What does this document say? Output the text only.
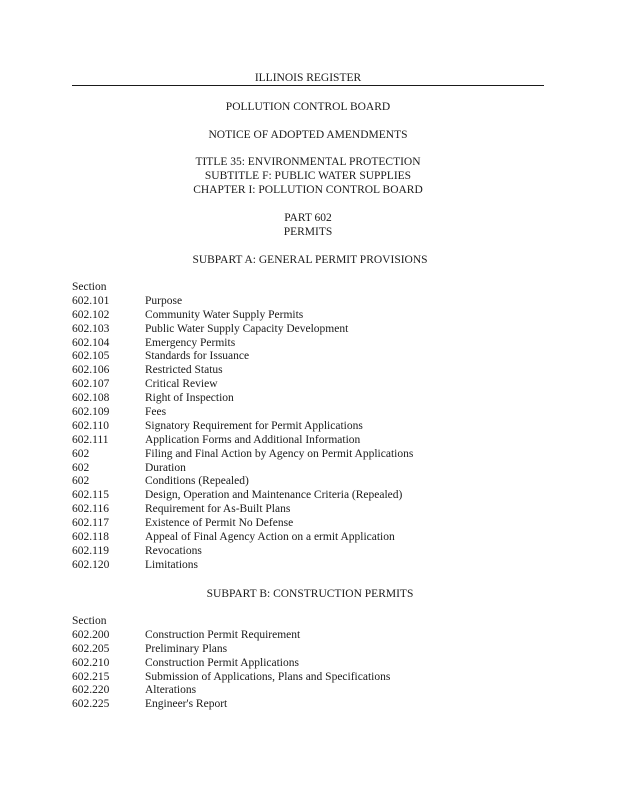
ILLINOIS REGISTER
POLLUTION CONTROL BOARD
NOTICE OF ADOPTED AMENDMENTS
TITLE 35: ENVIRONMENTAL PROTECTION
SUBTITLE F: PUBLIC WATER SUPPLIES
CHAPTER I: POLLUTION CONTROL BOARD
PART 602
PERMITS
SUBPART A: GENERAL PERMIT PROVISIONS
Section
602.101	Purpose
602.102	Community Water Supply Permits
602.103	Public Water Supply Capacity Development
602.104	Emergency Permits
602.105	Standards for Issuance
602.106	Restricted Status
602.107	Critical Review
602.108	Right of Inspection
602.109	Fees
602.110	Signatory Requirement for Permit Applications
602.111	Application Forms and Additional Information
602	Filing and Final Action by Agency on Permit Applications
602	Duration
602	Conditions (Repealed)
602.115	Design, Operation and Maintenance Criteria (Repealed)
602.116	Requirement for As-Built Plans
602.117	Existence of Permit No Defense
602.118	Appeal of Final Agency Action on a ermit Application
602.119	Revocations
602.120	Limitations
SUBPART B: CONSTRUCTION PERMITS
Section
602.200	Construction Permit Requirement
602.205	Preliminary Plans
602.210	Construction Permit Applications
602.215	Submission of Applications, Plans and Specifications
602.220	Alterations
602.225	Engineer's Report
